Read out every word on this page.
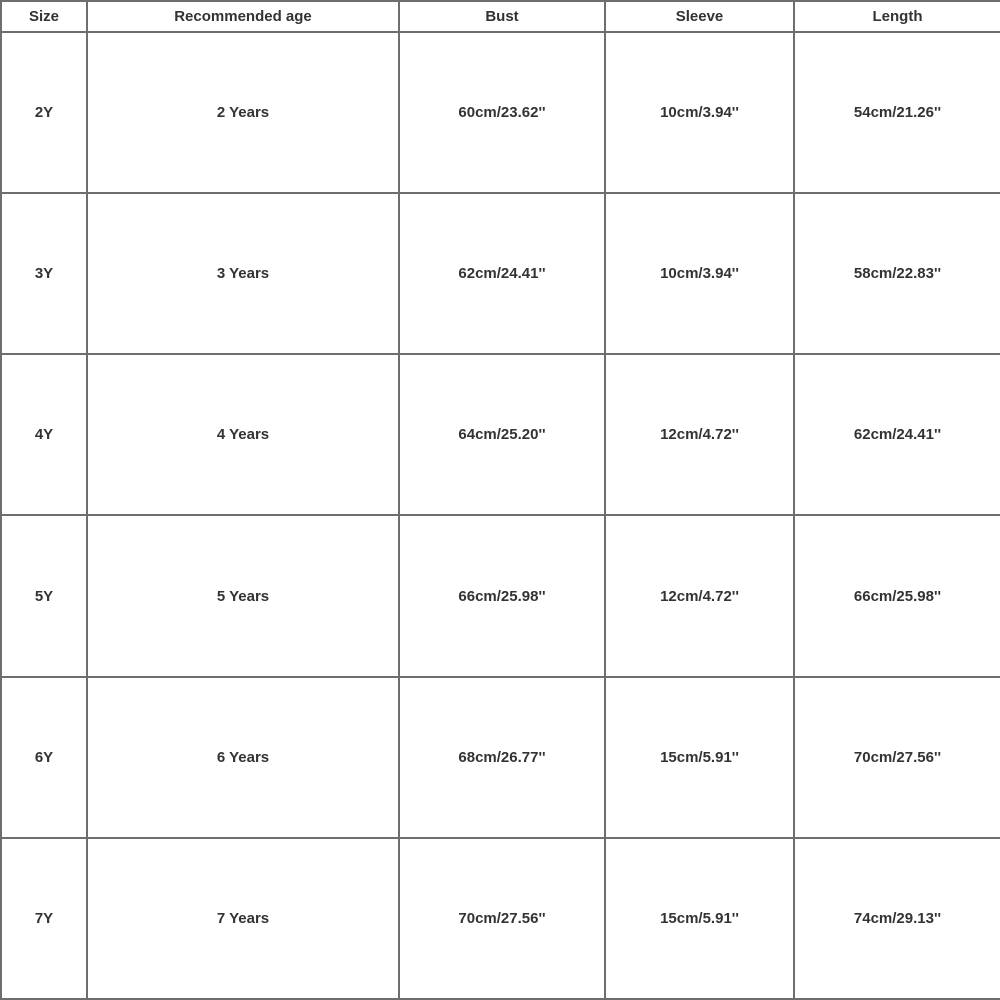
Size	Recommended age	Bust	Sleeve	Length
2Y	2 Years	60cm/23.62''	10cm/3.94''	54cm/21.26''
3Y	3 Years	62cm/24.41''	10cm/3.94''	58cm/22.83''
4Y	4 Years	64cm/25.20''	12cm/4.72''	62cm/24.41''
5Y	5 Years	66cm/25.98''	12cm/4.72''	66cm/25.98''
6Y	6 Years	68cm/26.77''	15cm/5.91''	70cm/27.56''
7Y	7 Years	70cm/27.56''	15cm/5.91''	74cm/29.13''
